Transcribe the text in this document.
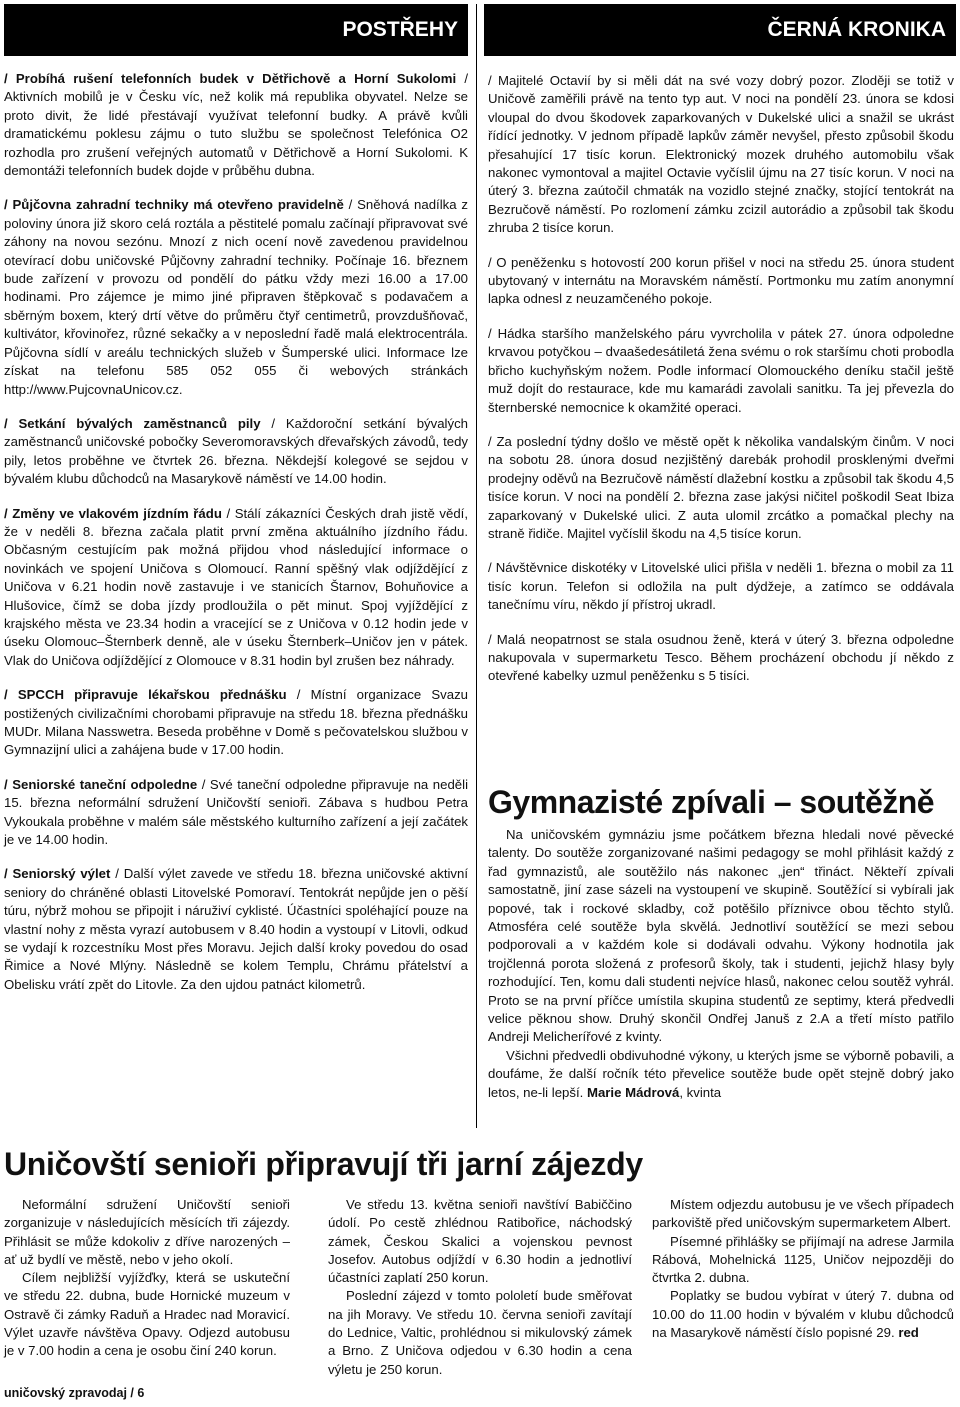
POSTŘEHY	ČERNÁ KRONIKA

/ Probíhá rušení telefonních budek v Dětřichově a Horní Sukolomi / Aktivních mobilů je v Česku víc, než kolik má republika obyvatel. Nelze se proto divit, že lidé přestávají využívat telefonní budky. A právě kvůli dramatickému poklesu zájmu o tuto službu se společnost Telefónica O2 rozhodla pro zrušení veřejných automatů v Dětřichově a Horní Sukolomi. K demontáži telefonních budek dojde v průběhu dubna.

/ Půjčovna zahradní techniky má otevřeno pravidelně / Sněhová nadílka z poloviny února již skoro celá roztála a pěstitelé pomalu začínají připravovat své záhony na novou sezónu. Mnozí z nich ocení nově zavedenou pravidelnou otevírací dobu uničovské Půjčovny zahradní techniky. Počínaje 16. březnem bude zařízení v provozu od pondělí do pátku vždy mezi 16.00 a 17.00 hodinami. Pro zájemce je mimo jiné připraven štěpkovač s podavačem a sběrným boxem, který drtí větve do průměru čtyř centimetrů, provzdušňovač, kultivátor, křovinořez, různé sekačky a v neposlední řadě malá elektrocentrála. Půjčovna sídlí v areálu technických služeb v Šumperské ulici. Informace lze získat na telefonu 585 052 055 či webových stránkách http://www.PujcovnaUnicov.cz.

/ Setkání bývalých zaměstnanců pily / Každoroční setkání bývalých zaměstnanců uničovské pobočky Severomoravských dřevařských závodů, tedy pily, letos proběhne ve čtvrtek 26. března. Někdejší kolegové se sejdou v bývalém klubu důchodců na Masarykově náměstí ve 14.00 hodin.

/ Změny ve vlakovém jízdním řádu / Stálí zákazníci Českých drah jistě vědí, že v neděli 8. března začala platit první změna aktuálního jízdního řádu. Občasným cestujícím pak možná přijdou vhod následující informace o novinkách ve spojení Uničova s Olomoucí. Ranní spěšný vlak odjíždějící z Uničova v 6.21 hodin nově zastavuje i ve stanicích Štarnov, Bohuňovice a Hlušovice, čímž se doba jízdy prodloužila o pět minut. Spoj vyjíždějící z krajského města ve 23.34 hodin a vracející se z Uničova v 0.12 hodin jede v úseku Olomouc–Šternberk denně, ale v úseku Šternberk–Uničov jen v pátek. Vlak do Uničova odjíždějící z Olomouce v 8.31 hodin byl zrušen bez náhrady.

/ SPCCH připravuje lékařskou přednášku / Místní organizace Svazu postižených civilizačními chorobami připravuje na středu 18. března přednášku MUDr. Milana Nasswetra. Beseda proběhne v Domě s pečovatelskou službou v Gymnazijní ulici a zahájena bude v 17.00 hodin.

/ Seniorské taneční odpoledne / Své taneční odpoledne připravuje na neděli 15. března neformální sdružení Uničovští senioři. Zábava s hudbou Petra Vykoukala proběhne v malém sále městského kulturního zařízení a její začátek je ve 14.00 hodin.

/ Seniorský výlet / Další výlet zavede ve středu 18. března uničovské aktivní seniory do chráněné oblasti Litovelské Pomoraví. Tentokrát nepůjde jen o pěší túru, nýbrž mohou se připojit i náruživí cyklisté. Účastníci spoléhající pouze na vlastní nohy z města vyrazí autobusem v 8.40 hodin a vystoupí v Litovli, odkud se vydají k rozcestníku Most přes Moravu. Jejich další kroky povedou do osad Řimice a Nové Mlýny. Následně se kolem Templu, Chrámu přátelství a Obelisku vrátí zpět do Litovle. Za den ujdou patnáct kilometrů.

/ Majitelé Octavií by si měli dát na své vozy dobrý pozor. Zloději se totiž v Uničově zaměřili právě na tento typ aut. V noci na pondělí 23. února se kdosi vloupal do dvou škodovek zaparkovaných v Dukelské ulici a snažil se ukrást řídící jednotky. V jednom případě lapkův záměr nevyšel, přesto způsobil škodu přesahující 17 tisíc korun. Elektronický mozek druhého automobilu však nakonec vymontoval a majitel Octavie vyčíslil újmu na 27 tisíc korun. V noci na úterý 3. března zaútočil chmaták na vozidlo stejné značky, stojící tentokrát na Bezručově náměstí. Po rozlomení zámku zcizil autorádio a způsobil tak škodu zhruba 2 tisíce korun.

/ O peněženku s hotovostí 200 korun přišel v noci na středu 25. února student ubytovaný v internátu na Moravském náměstí. Portmonku mu zatím anonymní lapka odnesl z neuzamčeného pokoje.

/ Hádka staršího manželského páru vyvrcholila v pátek 27. února odpoledne krvavou potyčkou – dvaašedesátiletá žena svému o rok staršímu choti probodla břicho kuchyňským nožem. Podle informací Olomouckého deníku stačil ještě muž dojít do restaurace, kde mu kamarádi zavolali sanitku. Ta jej převezla do šternberské nemocnice k okamžité operaci.

/ Za poslední týdny došlo ve městě opět k několika vandalským činům. V noci na sobotu 28. února dosud nezjištěný darebák prohodil prosklenými dveřmi prodejny oděvů na Bezručově náměstí dlažební kostku a způsobil tak škodu 4,5 tisíce korun. V noci na pondělí 2. března zase jakýsi ničitel poškodil Seat Ibiza zaparkovaný v Dukelské ulici. Z auta ulomil zrcátko a pomačkal plechy na straně řidiče. Majitel vyčíslil škodu na 4,5 tisíce korun.

/ Návštěvnice diskotéky v Litovelské ulici přišla v neděli 1. března o mobil za 11 tisíc korun. Telefon si odložila na pult dýdžeje, a zatímco se oddávala tanečnímu víru, někdo jí přístroj ukradl.

/ Malá neopatrnost se stala osudnou ženě, která v úterý 3. března odpoledne nakupovala v supermarketu Tesco. Během procházení obchodu jí někdo z otevřené kabelky uzmul peněženku s 5 tisíci.

Gymnazisté zpívali – soutěžně

Na uničovském gymnáziu jsme počátkem března hledali nové pěvecké talenty. Do soutěže zorganizované našimi pedagogy se mohl přihlásit každý z řad gymnazistů, ale soutěžilo nás nakonec „jen“ třináct. Někteří zpívali samostatně, jiní zase sázeli na vystoupení ve skupině. Soutěžící si vybírali jak popové, tak i rockové skladby, což potěšilo příznivce obou těchto stylů. Atmosféra celé soutěže byla skvělá. Jednotliví soutěžící se mezi sebou podporovali a v každém kole si dodávali odvahu. Výkony hodnotila jak trojčlenná porota složená z profesorů školy, tak i studenti, jejichž hlasy byly rozhodující. Ten, komu dali studenti nejvíce hlasů, nakonec celou soutěž vyhrál. Proto se na první příčce umístila skupina studentů ze septimy, která předvedli velice pěknou show. Druhý skončil Ondřej Januš z 2.A a třetí místo patřilo Andreji Melicherířové z kvinty.

Všichni předvedli obdivuhodné výkony, u kterých jsme se výborně pobavili, a doufáme, že další ročník této převelice soutěže bude opět stejně dobrý jako letos, ne-li lepší. Marie Mádrová, kvinta

Uničovští senioři připravují tři jarní zájezdy

Neformální sdružení Uničovští senioři zorganizuje v následujících měsících tři zájezdy. Přihlásit se může kdokoliv z dříve narozených – ať už bydlí ve městě, nebo v jeho okolí.

Cílem nejbližší vyjížďky, která se uskuteční ve středu 22. dubna, bude Hornické muzeum v Ostravě či zámky Raduň a Hradec nad Moravicí. Výlet uzavře návštěva Opavy. Odjezd autobusu je v 7.00 hodin a cena je osobu činí 240 korun.

Ve středu 13. května senioři navštíví Babiččino údolí. Po cestě zhlédnou Ratibořice, náchodský zámek, Českou Skalici a vojenskou pevnost Josefov. Autobus odjíždí v 6.30 hodin a jednotliví účastníci zaplatí 250 korun.

Poslední zájezd v tomto pololetí bude směřovat na jih Moravy. Ve středu 10. června senioři zavítají do Lednice, Valtic, prohlédnou si mikulovský zámek a Brno. Z Uničova odjedou v 6.30 hodin a cena výletu je 250 korun.

Místem odjezdu autobusu je ve všech případech parkoviště před uničovským supermarketem Albert.

Písemné přihlášky se přijímají na adrese Jarmila Rábová, Mohelnická 1125, Uničov nejpozději do čtvrtka 2. dubna.

Poplatky se budou vybírat v úterý 7. dubna od 10.00 do 11.00 hodin v bývalém v klubu důchodců na Masarykově náměstí číslo popisné 29. red

uničovský zpravodaj / 6
